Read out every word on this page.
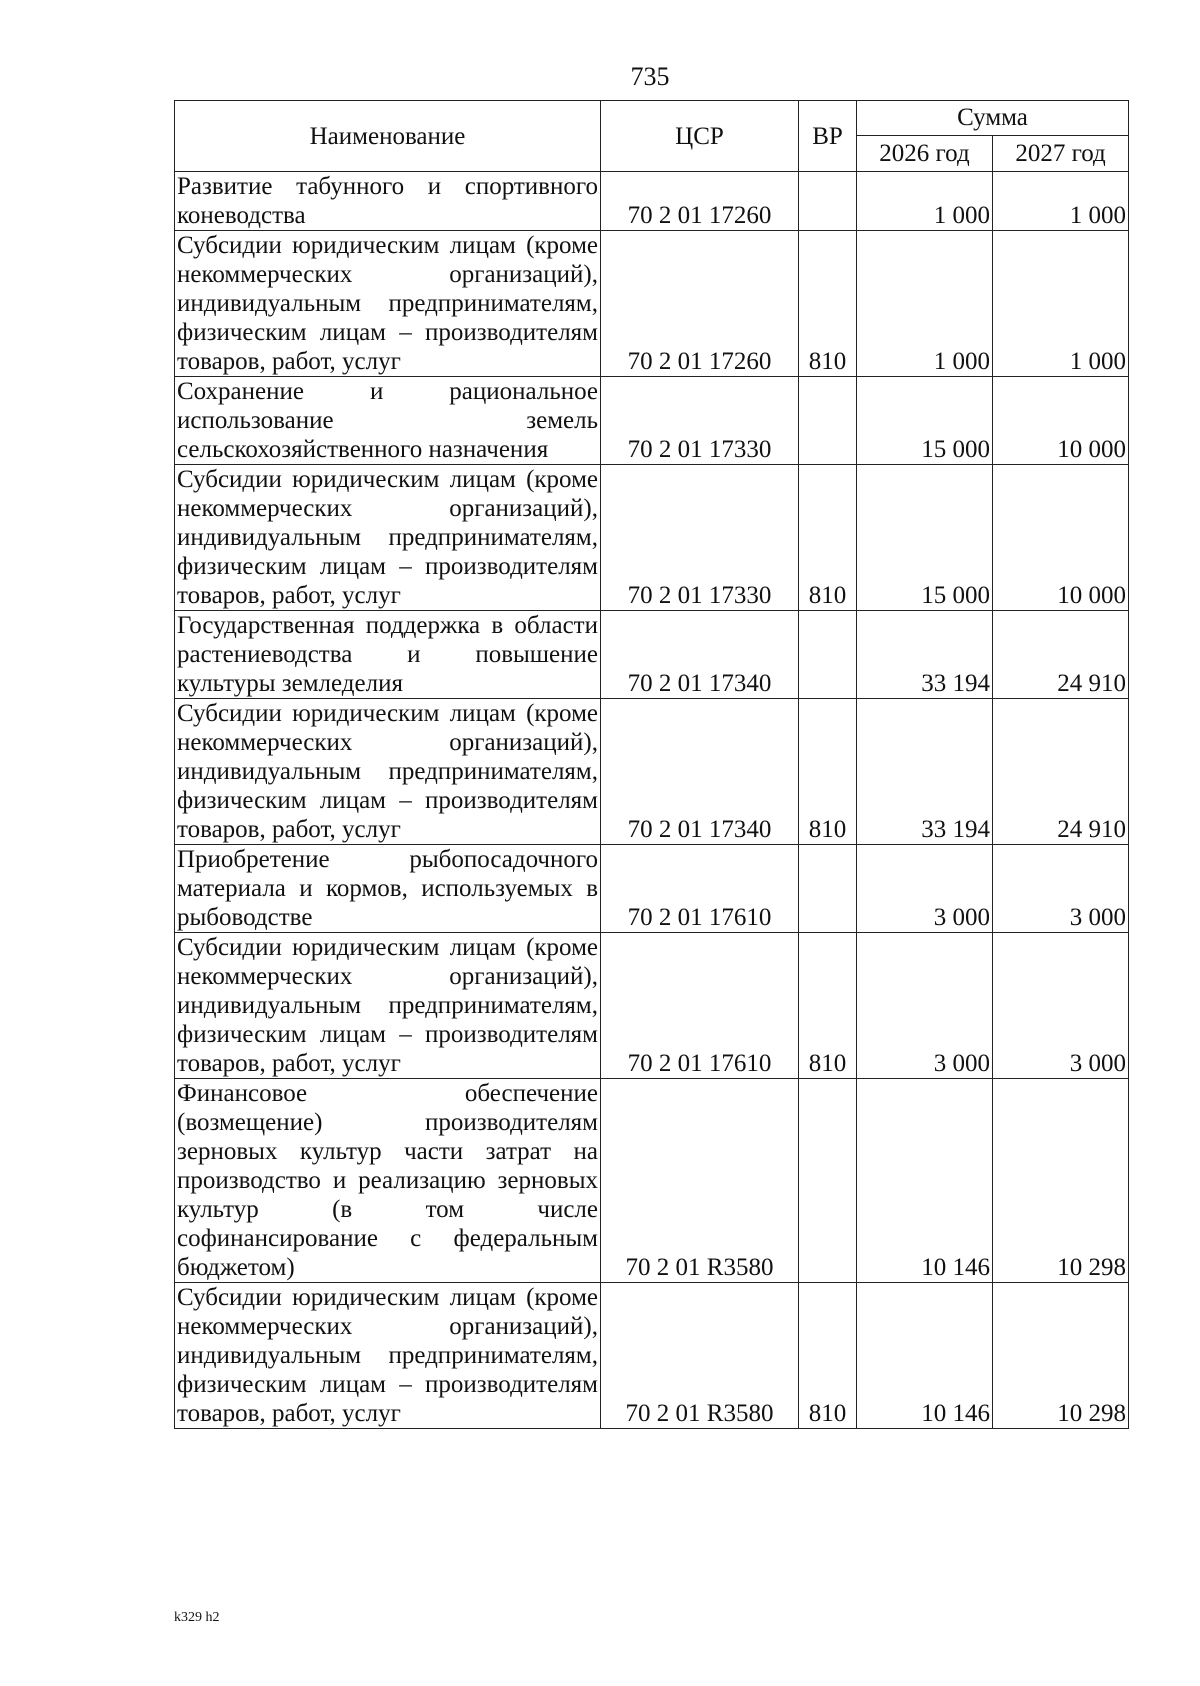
735
Наименование	ЦСР	ВР	Сумма	
			2026 год	2027 год
Развитие табунного и спортивного коневодства	70 2 01 17260		1 000	1 000
Субсидии юридическим лицам (кроме некоммерческих организаций), индивидуальным предпринимателям, физическим лицам – производителям товаров, работ, услуг	70 2 01 17260	810	1 000	1 000
Сохранение и рациональное использование земель сельскохозяйственного назначения	70 2 01 17330		15 000	10 000
Субсидии юридическим лицам (кроме некоммерческих организаций), индивидуальным предпринимателям, физическим лицам – производителям товаров, работ, услуг	70 2 01 17330	810	15 000	10 000
Государственная поддержка в области растениеводства и повышение культуры земледелия	70 2 01 17340		33 194	24 910
Субсидии юридическим лицам (кроме некоммерческих организаций), индивидуальным предпринимателям, физическим лицам – производителям товаров, работ, услуг	70 2 01 17340	810	33 194	24 910
Приобретение рыбопосадочного материала и кормов, используемых в рыбоводстве	70 2 01 17610		3 000	3 000
Субсидии юридическим лицам (кроме некоммерческих организаций), индивидуальным предпринимателям, физическим лицам – производителям товаров, работ, услуг	70 2 01 17610	810	3 000	3 000
Финансовое обеспечение (возмещение) производителям зерновых культур части затрат на производство и реализацию зерновых культур (в том числе софинансирование с федеральным бюджетом)	70 2 01 R3580		10 146	10 298
Субсидии юридическим лицам (кроме некоммерческих организаций), индивидуальным предпринимателям, физическим лицам – производителям товаров, работ, услуг	70 2 01 R3580	810	10 146	10 298
k329 h2
